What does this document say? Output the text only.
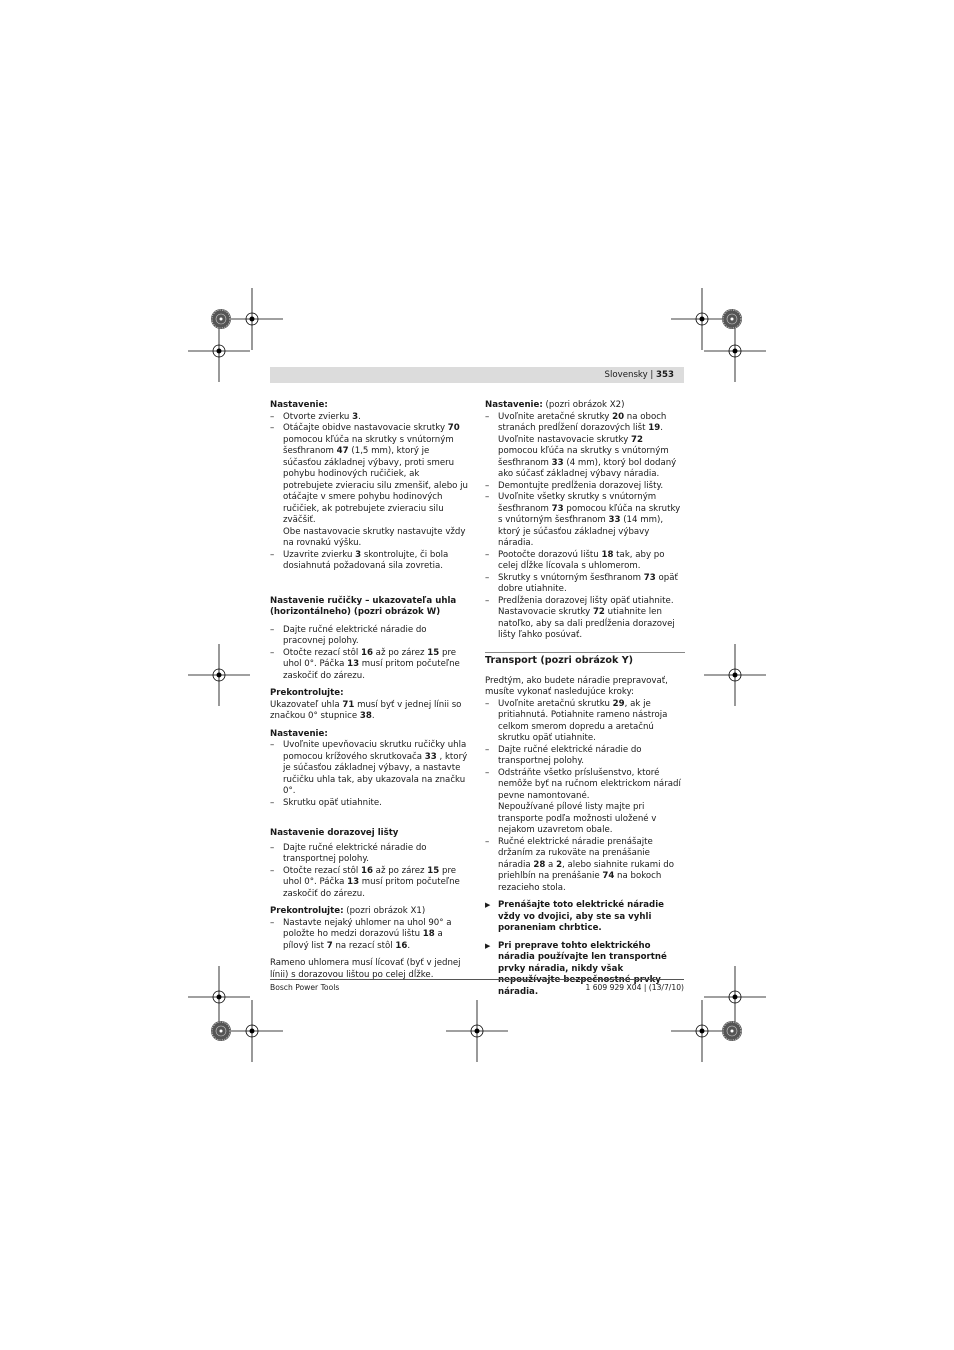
Slovensky | 353

Nastavenie:

– Otvorte zvierku 3.
– Otáčajte obidve nastavovacie skrutky 70 pomocou kľúča na skrutky s vnútorným šesťhranom 47 (1,5 mm), ktorý je súčasťou základnej výbavy, proti smeru pohybu hodinových ručičiek, ak potrebujete zvieraciu silu zmenšiť, alebo ju otáčajte v smere pohybu hodinových ručičiek, ak potrebujete zvieraciu silu zväčšiť.
Obe nastavovacie skrutky nastavujte vždy na rovnakú výšku.
– Uzavrite zvierku 3 skontrolujte, či bola dosiahnutá požadovaná sila zovretia.

Nastavenie ručičky – ukazovateľa uhla (horizontálneho) (pozri obrázok W)

– Dajte ručné elektrické náradie do pracovnej polohy.
– Otočte rezací stôl 16 až po zárez 15 pre uhol 0°. Páčka 13 musí pritom počuteľne zaskočiť do zárezu.

Prekontrolujte:

Ukazovateľ uhla 71 musí byť v jednej línii so značkou 0° stupnice 38.

Nastavenie:

– Uvoľnite upevňovaciu skrutku ručičky uhla pomocou krížového skrutkovača 33 , ktorý je súčasťou základnej výbavy, a nastavte ručičku uhla tak, aby ukazovala na značku 0°.
– Skrutku opäť utiahnite.

Nastavenie dorazovej lišty

– Dajte ručné elektrické náradie do transportnej polohy.
– Otočte rezací stôl 16 až po zárez 15 pre uhol 0°. Páčka 13 musí pritom počuteľne zaskočiť do zárezu.

Prekontrolujte: (pozri obrázok X1)

– Nastavte nejaký uhlomer na uhol 90° a položte ho medzi dorazovú lištu 18 a pílový list 7 na rezací stôl 16.

Rameno uhlomera musí lícovať (byť v jednej línii) s dorazovou lištou po celej dĺžke.

Nastavenie: (pozri obrázok X2)

– Uvoľnite aretačné skrutky 20 na oboch stranách predĺžení dorazových lišt 19. Uvoľnite nastavovacie skrutky 72 pomocou kľúča na skrutky s vnútorným šesťhranom 33 (4 mm), ktorý bol dodaný ako súčasť základnej výbavy náradia.
– Demontujte predĺženia dorazovej lišty.
– Uvoľnite všetky skrutky s vnútorným šesťhranom 73 pomocou kľúča na skrutky s vnútorným šesťhranom 33 (14 mm), ktorý je súčasťou základnej výbavy náradia.
– Pootočte dorazovú lištu 18 tak, aby po celej dĺžke lícovala s uhlomerom.
– Skrutky s vnútorným šesťhranom 73 opäť dobre utiahnite.
– Predĺženia dorazovej lišty opäť utiahnite. Nastavovacie skrutky 72 utiahnite len natoľko, aby sa dali predĺženia dorazovej lišty ľahko posúvať.

Transport (pozri obrázok Y)

Predtým, ako budete náradie prepravovať, musíte vykonať nasledujúce kroky:

– Uvoľnite aretačnú skrutku 29, ak je pritiahnutá. Potiahnite rameno nástroja celkom smerom dopredu a aretačnú skrutku opäť utiahnite.
– Dajte ručné elektrické náradie do transportnej polohy.
– Odstráňte všetko príslušenstvo, ktoré nemôže byť na ručnom elektrickom náradí pevne namontované.
Nepoužívané pílové listy majte pri transporte podľa možnosti uložené v nejakom uzavretom obale.
– Ručné elektrické náradie prenášajte držaním za rukoväte na prenášanie náradia 28 a 2, alebo siahnite rukami do priehlbín na prenášanie 74 na bokoch rezacieho stola.
▶ Prenášajte toto elektrické náradie vždy vo dvojici, aby ste sa vyhli poraneniam chrbtice.
▶ Pri preprave tohto elektrického náradia používajte len transportné prvky náradia, nikdy však nepoužívajte bezpečnostné prvky náradia.
Bosch Power Tools	1 609 929 X04 | (13/7/10)
